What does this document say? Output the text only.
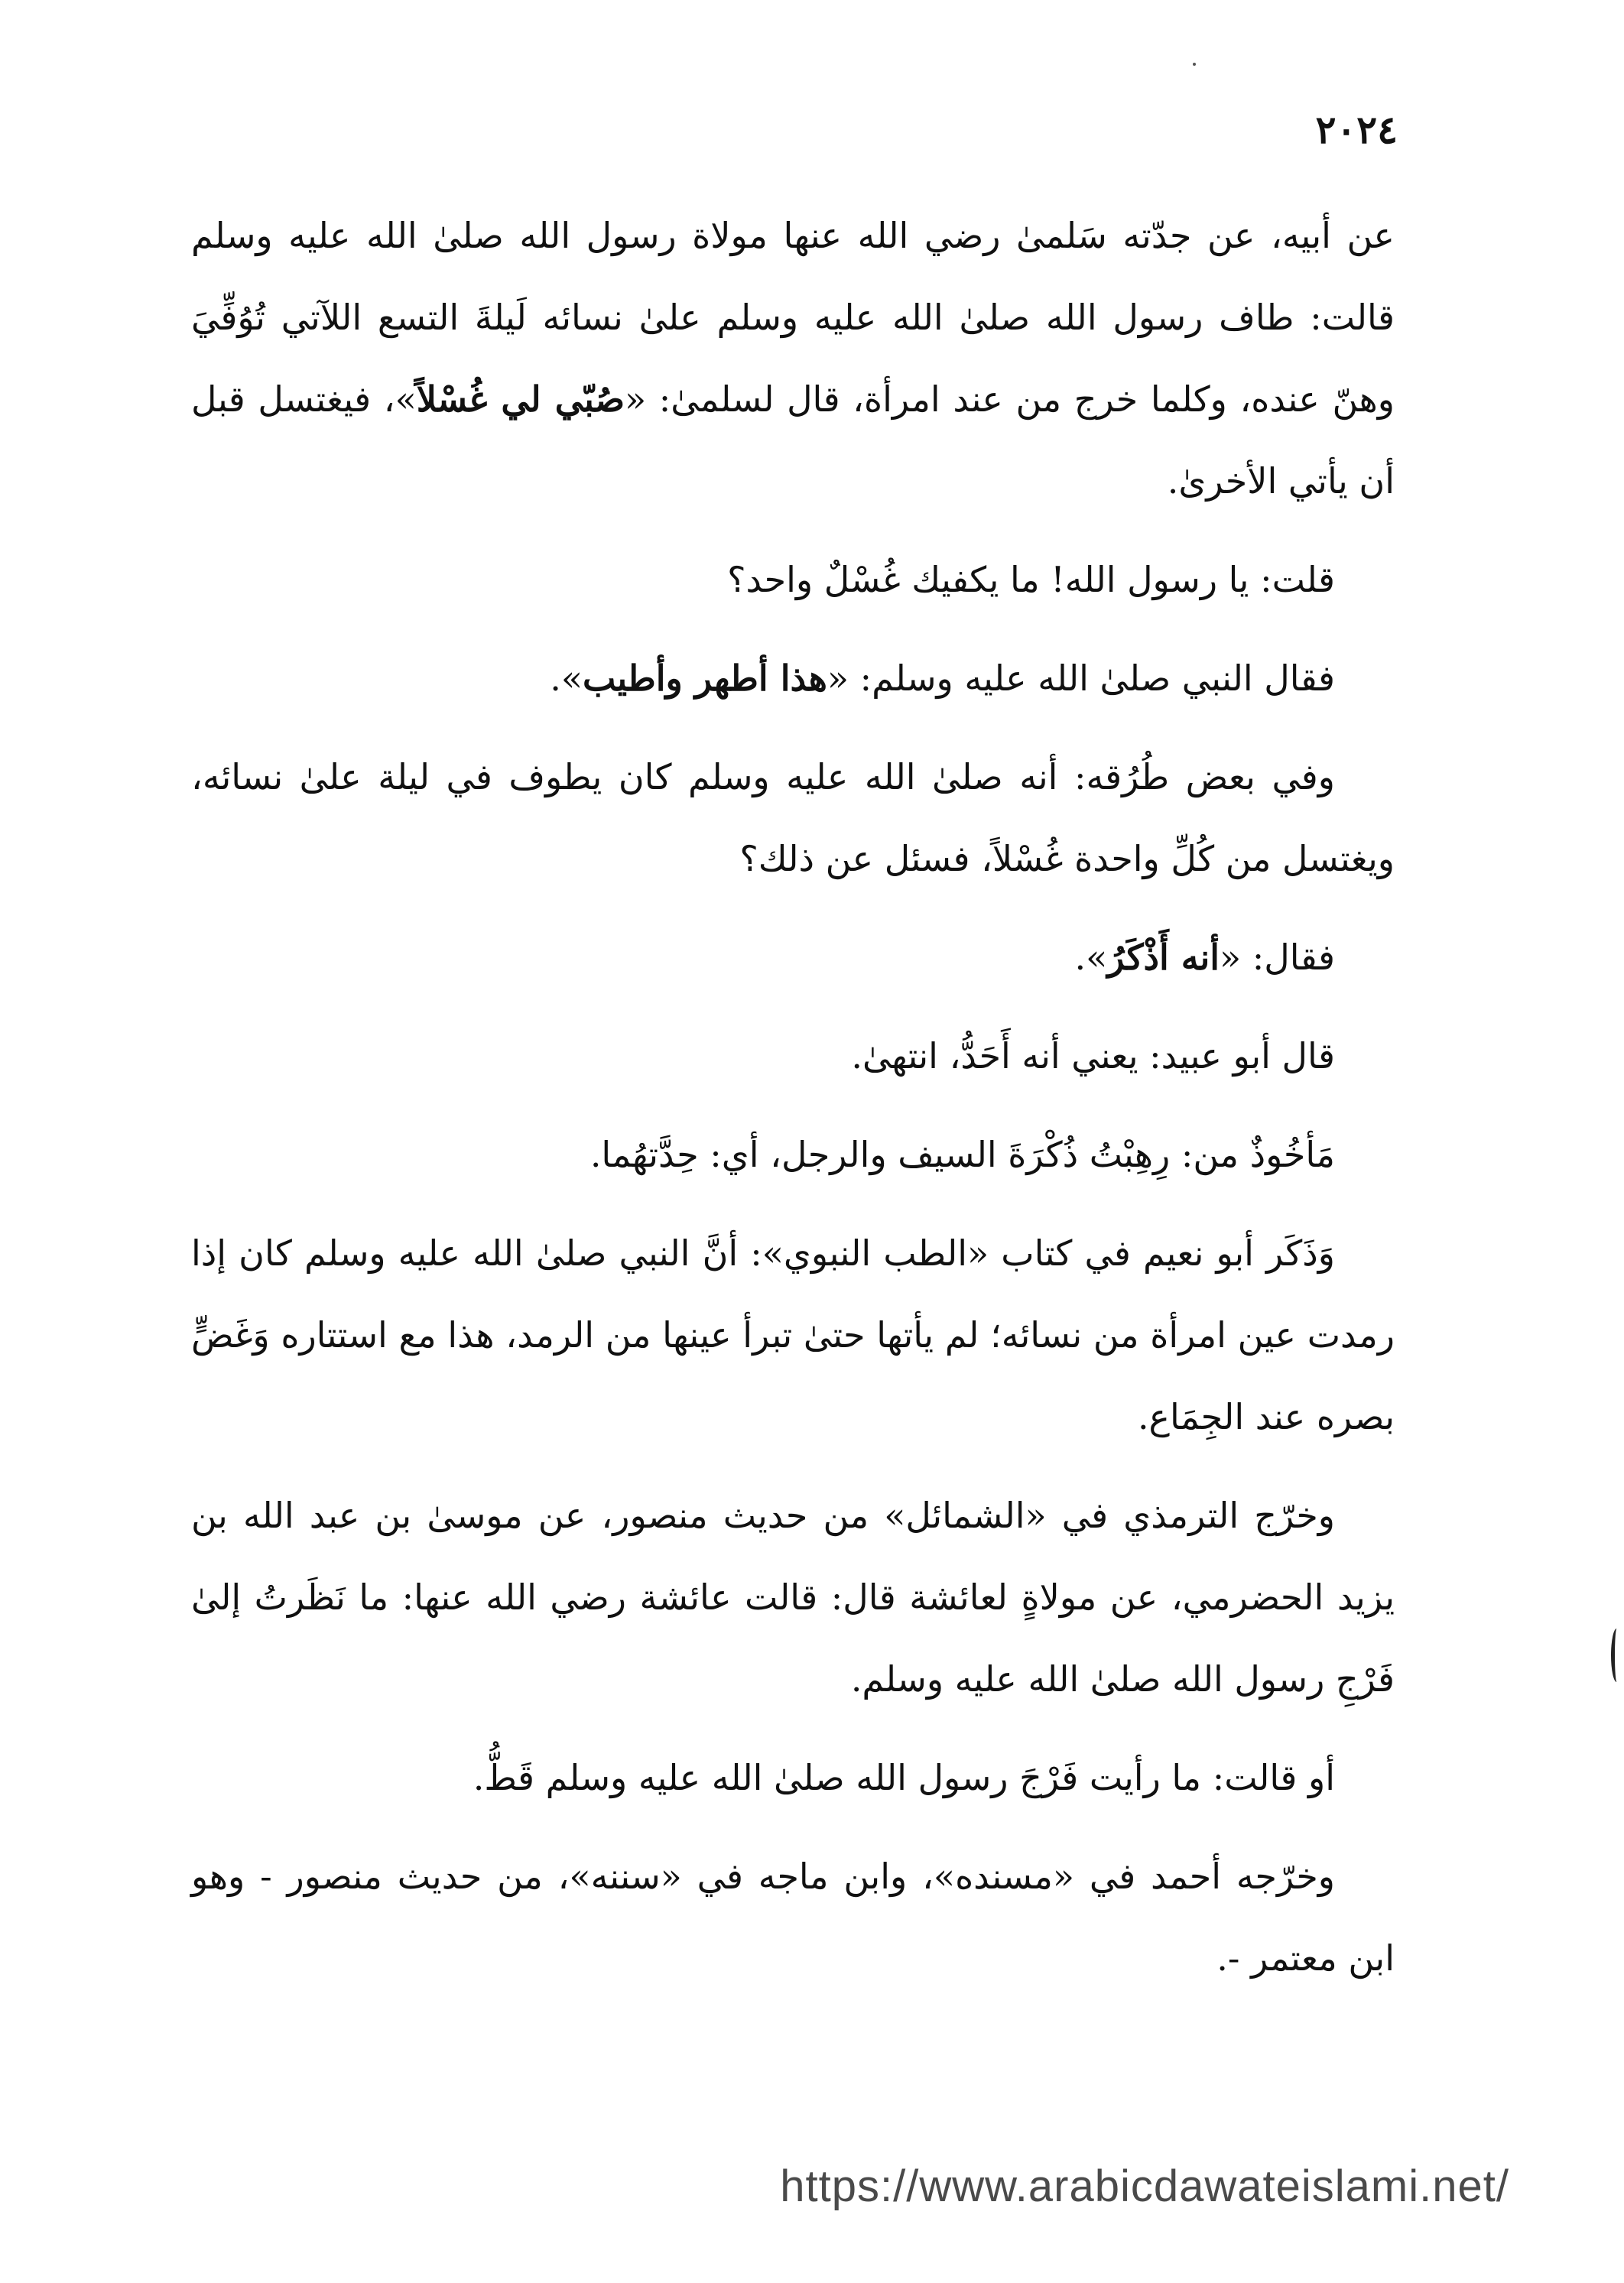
٢٠٢٤

عن أبيه، عن جدّته سَلمىٰ رضي الله عنها مولاة رسول الله صلىٰ الله عليه وسلم قالت: طاف رسول الله صلىٰ الله عليه وسلم علىٰ نسائه لَيلةَ التسع اللآتي تُوُفِّيَ وهنّ عنده، وكلما خرج من عند امرأة، قال لسلمىٰ: «صُبّي لي غُسْلاً»، فيغتسل قبل أن يأتي الأخرىٰ.

قلت: يا رسول الله! ما يكفيك غُسْلٌ واحد؟

فقال النبي صلىٰ الله عليه وسلم: «هذا أطهر وأطيب».

وفي بعض طُرُقه: أنه صلىٰ الله عليه وسلم كان يطوف في ليلة علىٰ نسائه، ويغتسل من كُلِّ واحدة غُسْلاً، فسئل عن ذلك؟

فقال: «أنه أَذْكَرُ».

قال أبو عبيد: يعني أنه أَحَدُّ، انتهىٰ.

مَأخُوذٌ من: رِهِبْتُ ذُكْرَةَ السيف والرجل، أي: حِدَّتهُما.

وَذَكَر أبو نعيم في كتاب «الطب النبوي»: أنَّ النبي صلىٰ الله عليه وسلم كان إذا رمدت عين امرأة من نسائه؛ لم يأتها حتىٰ تبرأ عينها من الرمد، هذا مع استتاره وَغَضٍّ بصره عند الجِمَاع.

وخرّج الترمذي في «الشمائل» من حديث منصور، عن موسىٰ بن عبد الله بن يزيد الحضرمي، عن مولاةٍ لعائشة قال: قالت عائشة رضي الله عنها: ما نَظَرتُ إلىٰ فَرْجِ رسول الله صلىٰ الله عليه وسلم.

أو قالت: ما رأيت فَرْجَ رسول الله صلىٰ الله عليه وسلم قَطُّ.

وخرّجه أحمد في «مسنده»، وابن ماجه في «سننه»، من حديث منصور - وهو ابن معتمر -.

https://www.arabicdawateislami.net/
